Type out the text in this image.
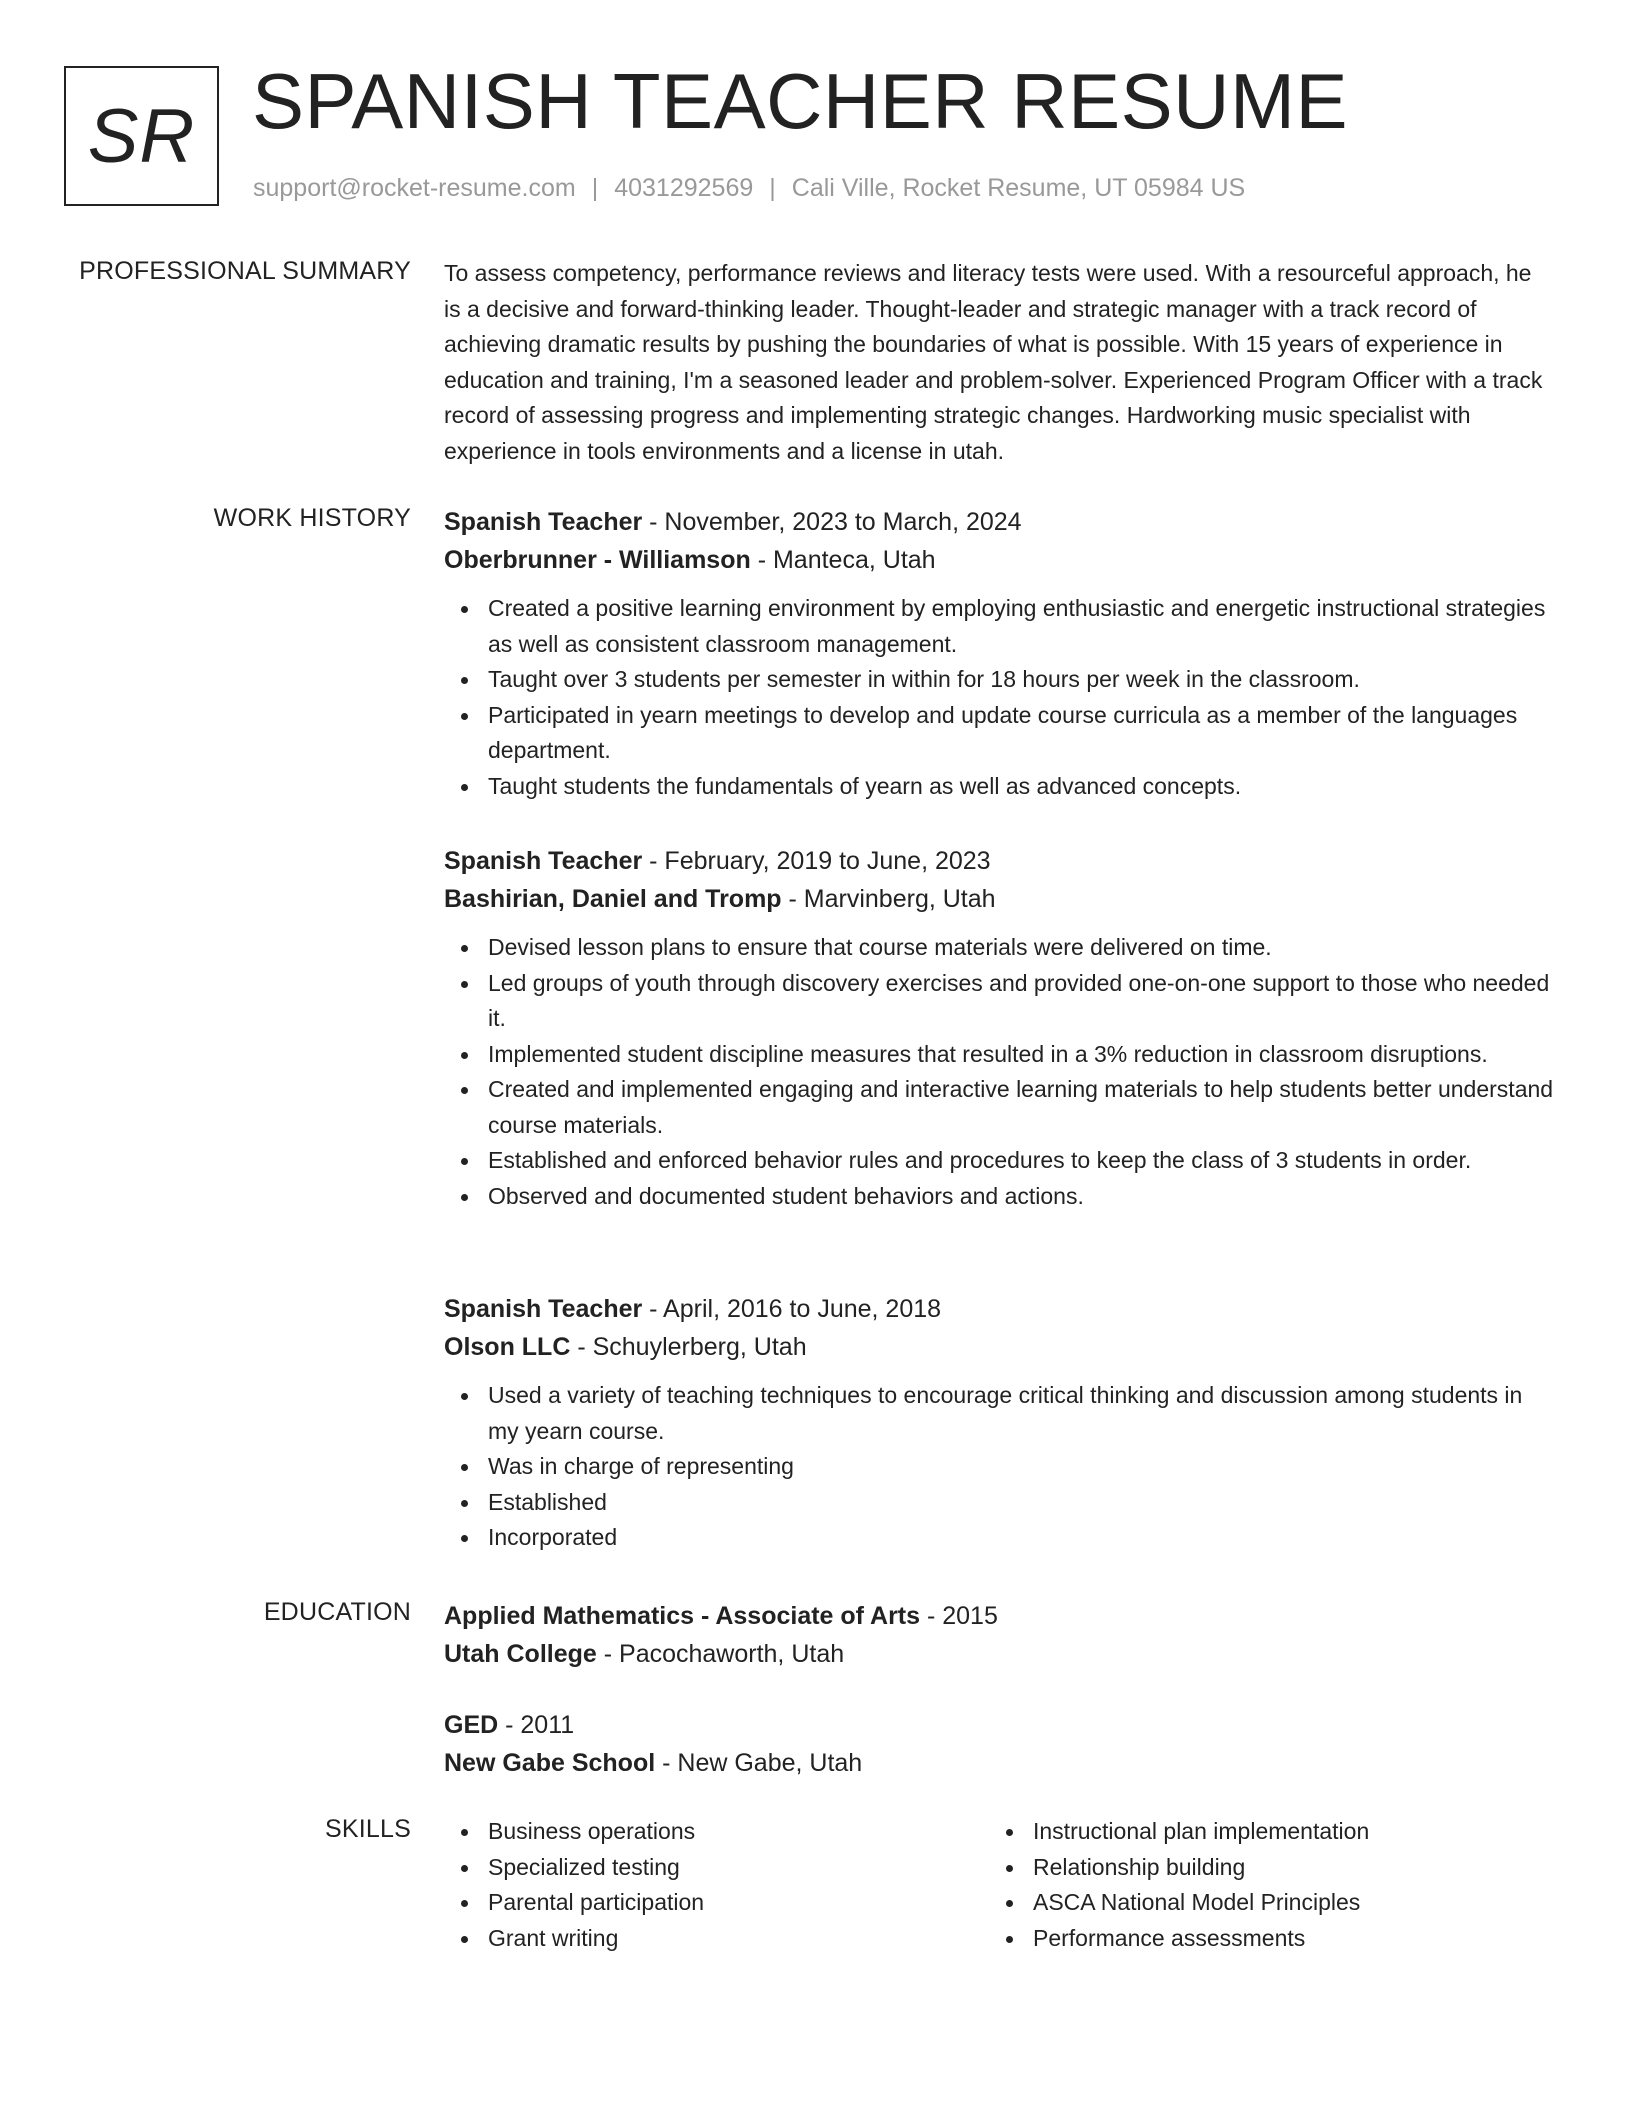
SR SPANISH TEACHER RESUME
support@rocket-resume.com | 4031292569 | Cali Ville, Rocket Resume, UT 05984 US
PROFESSIONAL SUMMARY To assess competency, performance reviews and literacy tests were used. With a resourceful approach, he is a decisive and forward-thinking leader. Thought-leader and strategic manager with a track record of achieving dramatic results by pushing the boundaries of what is possible. With 15 years of experience in education and training, I'm a seasoned leader and problem-solver. Experienced Program Officer with a track record of assessing progress and implementing strategic changes. Hardworking music specialist with experience in tools environments and a license in utah.

WORK HISTORY Spanish Teacher - November, 2023 to March, 2024
Oberbrunner - Williamson - Manteca, Utah
Created a positive learning environment by employing enthusiastic and energetic instructional strategies as well as consistent classroom management.
Taught over 3 students per semester in within for 18 hours per week in the classroom.
Participated in yearn meetings to develop and update course curricula as a member of the languages department.
Taught students the fundamentals of yearn as well as advanced concepts.
Spanish Teacher - February, 2019 to June, 2023
Bashirian, Daniel and Tromp - Marvinberg, Utah
Devised lesson plans to ensure that course materials were delivered on time.
Led groups of youth through discovery exercises and provided one-on-one support to those who needed it.
Implemented student discipline measures that resulted in a 3% reduction in classroom disruptions.
Created and implemented engaging and interactive learning materials to help students better understand course materials.
Established and enforced behavior rules and procedures to keep the class of 3 students in order.
Observed and documented student behaviors and actions.
Spanish Teacher - April, 2016 to June, 2018
Olson LLC - Schuylerberg, Utah
Used a variety of teaching techniques to encourage critical thinking and discussion among students in my yearn course.
Was in charge of representing
Established
Incorporated
EDUCATION Applied Mathematics - Associate of Arts - 2015
Utah College - Pacochaworth, Utah
GED - 2011
New Gabe School - New Gabe, Utah
SKILLS	Business operations
Specialized testing
Parental participation
Grant writing
Instructional plan implementation
Relationship building
ASCA National Model Principles
Performance assessments
